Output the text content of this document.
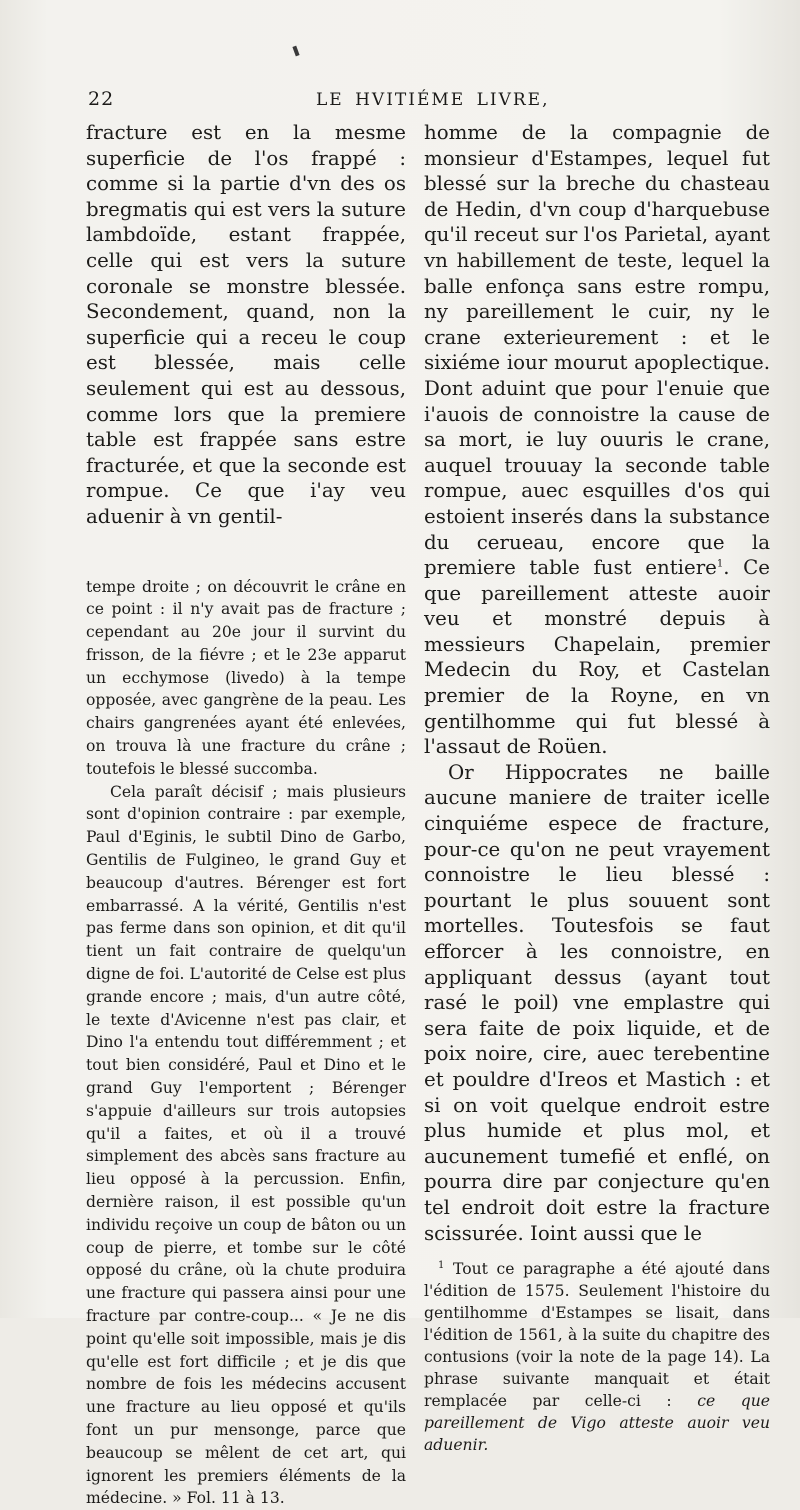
22	LE HVITIÉME LIVRE,

fracture est en la mesme superficie de l'os frappé : comme si la partie d'vn des os bregmatis qui est vers la suture lambdoïde, estant frappée, celle qui est vers la suture coronale se monstre blessée. Secondement, quand, non la superficie qui a receu le coup est blessée, mais celle seulement qui est au dessous, comme lors que la premiere table est frappée sans estre fracturée, et que la seconde est rompue. Ce que i'ay veu aduenir à vn gentil-

tempe droite ; on découvrit le crâne en ce point : il n'y avait pas de fracture ; cependant au 20e jour il survint du frisson, de la fiévre ; et le 23e apparut un ecchymose (livedo) à la tempe opposée, avec gangrène de la peau. Les chairs gangrenées ayant été enlevées, on trouva là une fracture du crâne ; toutefois le blessé succomba.

Cela paraît décisif ; mais plusieurs sont d'opinion contraire : par exemple, Paul d'Eginis, le subtil Dino de Garbo, Gentilis de Fulgineo, le grand Guy et beaucoup d'autres. Bérenger est fort embarrassé. A la vérité, Gentilis n'est pas ferme dans son opinion, et dit qu'il tient un fait contraire de quelqu'un digne de foi. L'autorité de Celse est plus grande encore ; mais, d'un autre côté, le texte d'Avicenne n'est pas clair, et Dino l'a entendu tout différemment ; et tout bien considéré, Paul et Dino et le grand Guy l'emportent ; Bérenger s'appuie d'ailleurs sur trois autopsies qu'il a faites, et où il a trouvé simplement des abcès sans fracture au lieu opposé à la percussion. Enfin, dernière raison, il est possible qu'un individu reçoive un coup de bâton ou un coup de pierre, et tombe sur le côté opposé du crâne, où la chute produira une fracture qui passera ainsi pour une fracture par contre-coup... « Je ne dis point qu'elle soit impossible, mais je dis qu'elle est fort difficile ; et je dis que nombre de fois les médecins accusent une fracture au lieu opposé et qu'ils font un pur mensonge, parce que beaucoup se mêlent de cet art, qui ignorent les premiers éléments de la médecine. » Fol. 11 à 13.

homme de la compagnie de monsieur d'Estampes, lequel fut blessé sur la breche du chasteau de Hedin, d'vn coup d'harquebuse qu'il receut sur l'os Parietal, ayant vn habillement de teste, lequel la balle enfonça sans estre rompu, ny pareillement le cuir, ny le crane exterieurement : et le sixiéme iour mourut apoplectique. Dont aduint que pour l'enuie que i'auois de connoistre la cause de sa mort, ie luy ouuris le crane, auquel trouuay la seconde table rompue, auec esquilles d'os qui estoient inserés dans la substance du cerueau, encore que la premiere table fust entiere$^1$. Ce que pareillement atteste auoir veu et monstré depuis à messieurs Chapelain, premier Medecin du Roy, et Castelan premier de la Royne, en vn gentilhomme qui fut blessé à l'assaut de Roüen.

Or Hippocrates ne baille aucune maniere de traiter icelle cinquiéme espece de fracture, pour-ce qu'on ne peut vrayement connoistre le lieu blessé : pourtant le plus souuent sont mortelles. Toutesfois se faut efforcer à les connoistre, en appliquant dessus (ayant tout rasé le poil) vne emplastre qui sera faite de poix liquide, et de poix noire, cire, auec terebentine et pouldre d'Ireos et Mastich : et si on voit quelque endroit estre plus humide et plus mol, et aucunement tumefié et enflé, on pourra dire par conjecture qu'en tel endroit doit estre la fracture scissurée. Ioint aussi que le

$^1$ Tout ce paragraphe a été ajouté dans l'édition de 1575. Seulement l'histoire du gentilhomme d'Estampes se lisait, dans l'édition de 1561, à la suite du chapitre des contusions (voir la note de la page 14). La phrase suivante manquait et était remplacée par celle-ci : ce que pareillement de Vigo atteste auoir veu aduenir.
